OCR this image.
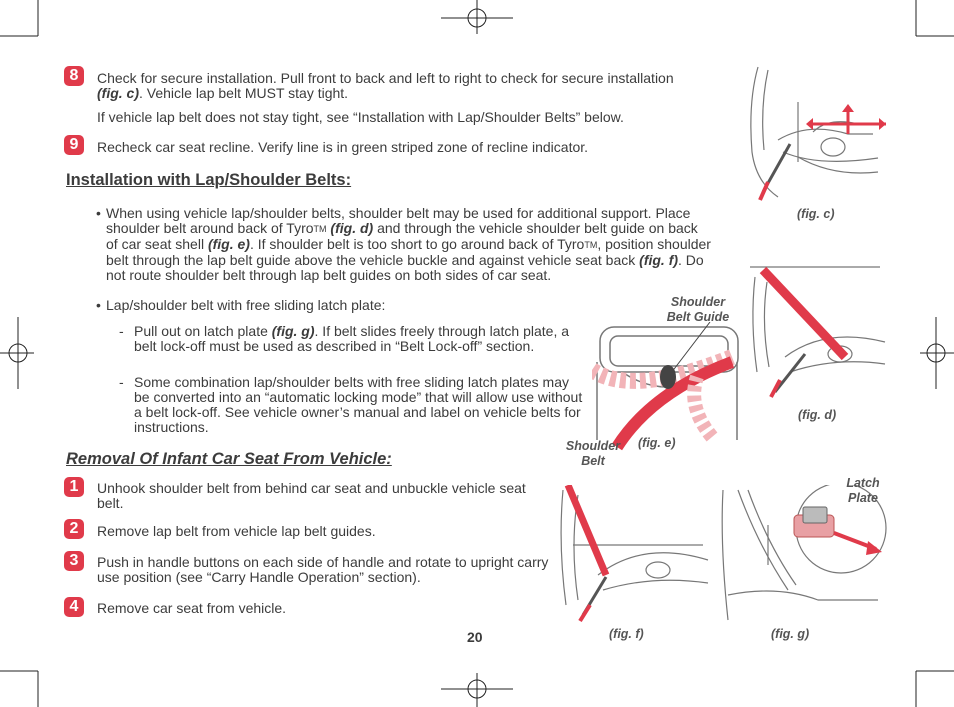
8	Check for secure installation. Pull front to back and left to right to check for secure installation (fig. c). Vehicle lap belt MUST stay tight.
If vehicle lap belt does not stay tight, see “Installation with Lap/Shoulder Belts” below.
9	Recheck car seat recline. Verify line is in green striped zone of recline indicator.
Installation with Lap/Shoulder Belts:
• When using vehicle lap/shoulder belts, shoulder belt may be used for additional support. Place shoulder belt around back of TyroTM (fig. d) and through the vehicle shoulder belt guide on back of car seat shell (fig. e). If shoulder belt is too short to go around back of TyroTM, position shoulder belt through the lap belt guide above the vehicle buckle and against vehicle seat back (fig. f). Do not route shoulder belt through lap belt guides on both sides of car seat.
• Lap/shoulder belt with free sliding latch plate:
- Pull out on latch plate (fig. g). If belt slides freely through latch plate, a belt lock-off must be used as described in “Belt Lock-off” section.
- Some combination lap/shoulder belts with free sliding latch plates may be converted into an “automatic locking mode” that will allow use without a belt lock-off. See vehicle owner’s manual and label on vehicle belts for instructions.
Removal Of Infant Car Seat From Vehicle:
1	Unhook shoulder belt from behind car seat and unbuckle vehicle seat belt.
2	Remove lap belt from vehicle lap belt guides.
3	Push in handle buttons on each side of handle and rotate to upright carry use position (see “Carry Handle Operation” section).
4	Remove car seat from vehicle.
20
(fig. c)
(fig. d)
Shoulder Belt Guide
Shoulder Belt
(fig. e)
(fig. f)
Latch Plate
(fig. g)
